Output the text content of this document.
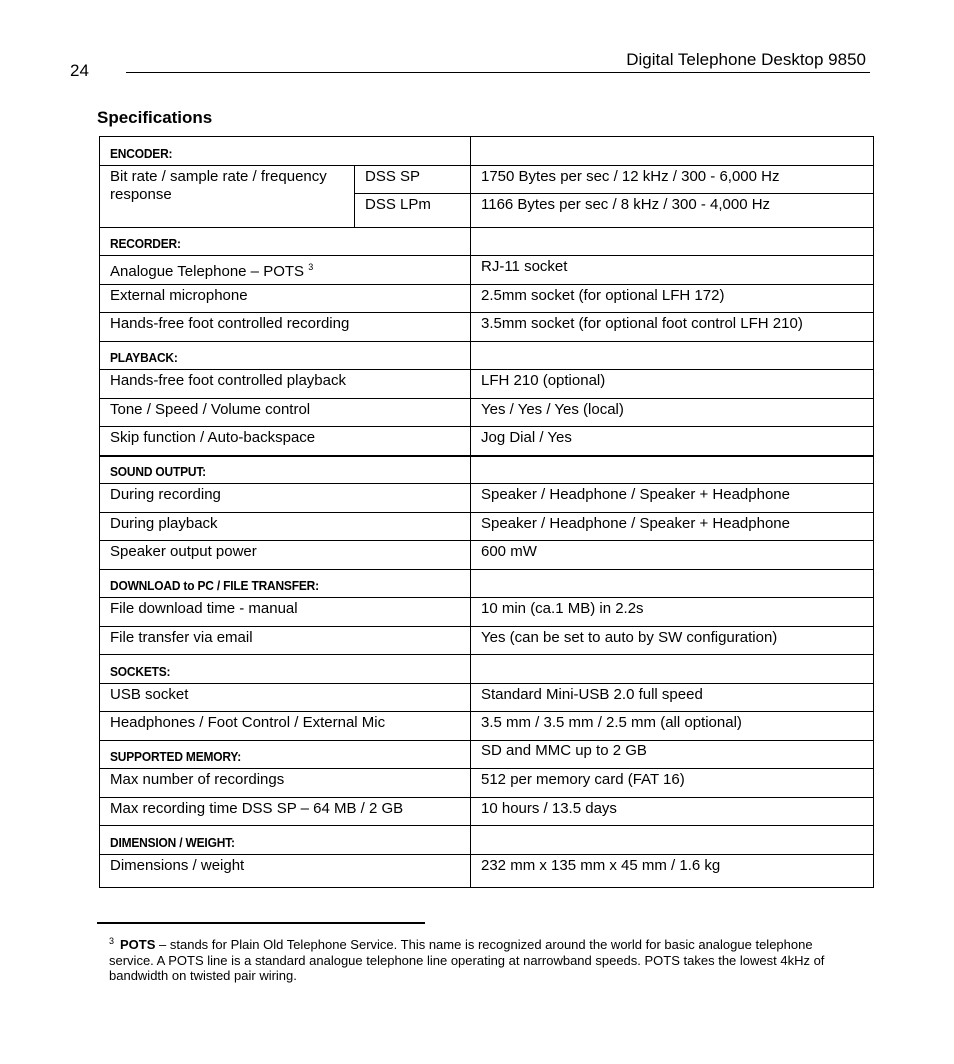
24
Digital Telephone Desktop 9850
Specifications
ENCODER:		
Bit rate / sample rate / frequency response	DSS SP	1750 Bytes per sec / 12 kHz / 300 - 6,000 Hz
	DSS LPm	1166 Bytes per sec / 8 kHz / 300 - 4,000 Hz
RECORDER:		
Analogue Telephone – POTS $^3$		RJ-11 socket
External microphone		2.5mm socket (for optional LFH 172)
Hands-free foot controlled recording		3.5mm socket (for optional foot control LFH 210)
PLAYBACK:		
Hands-free foot controlled playback		LFH 210 (optional)
Tone / Speed / Volume control		Yes / Yes / Yes (local)
Skip function / Auto-backspace		Jog Dial / Yes
SOUND OUTPUT:		
During recording		Speaker / Headphone / Speaker + Headphone
During playback		Speaker / Headphone / Speaker + Headphone
Speaker output power		600 mW
DOWNLOAD to PC / FILE TRANSFER:		
File download time - manual		10 min (ca.1 MB) in 2.2s
File transfer via email		Yes (can be set to auto by SW configuration)
SOCKETS:		
USB socket		Standard Mini-USB 2.0 full speed
Headphones / Foot Control / External Mic		3.5 mm / 3.5 mm / 2.5 mm (all optional)
SUPPORTED MEMORY:		SD and MMC up to 2 GB
Max number of recordings		512 per memory card (FAT 16)
Max recording time DSS SP – 64 MB / 2 GB		10 hours / 13.5 days
DIMENSION / WEIGHT:		
Dimensions / weight		232 mm x 135 mm x 45 mm / 1.6 kg
$^3$ POTS – stands for Plain Old Telephone Service. This name is recognized around the world for basic analogue telephone service. A POTS line is a standard analogue telephone line operating at narrowband speeds. POTS takes the lowest 4kHz of bandwidth on twisted pair wiring.
